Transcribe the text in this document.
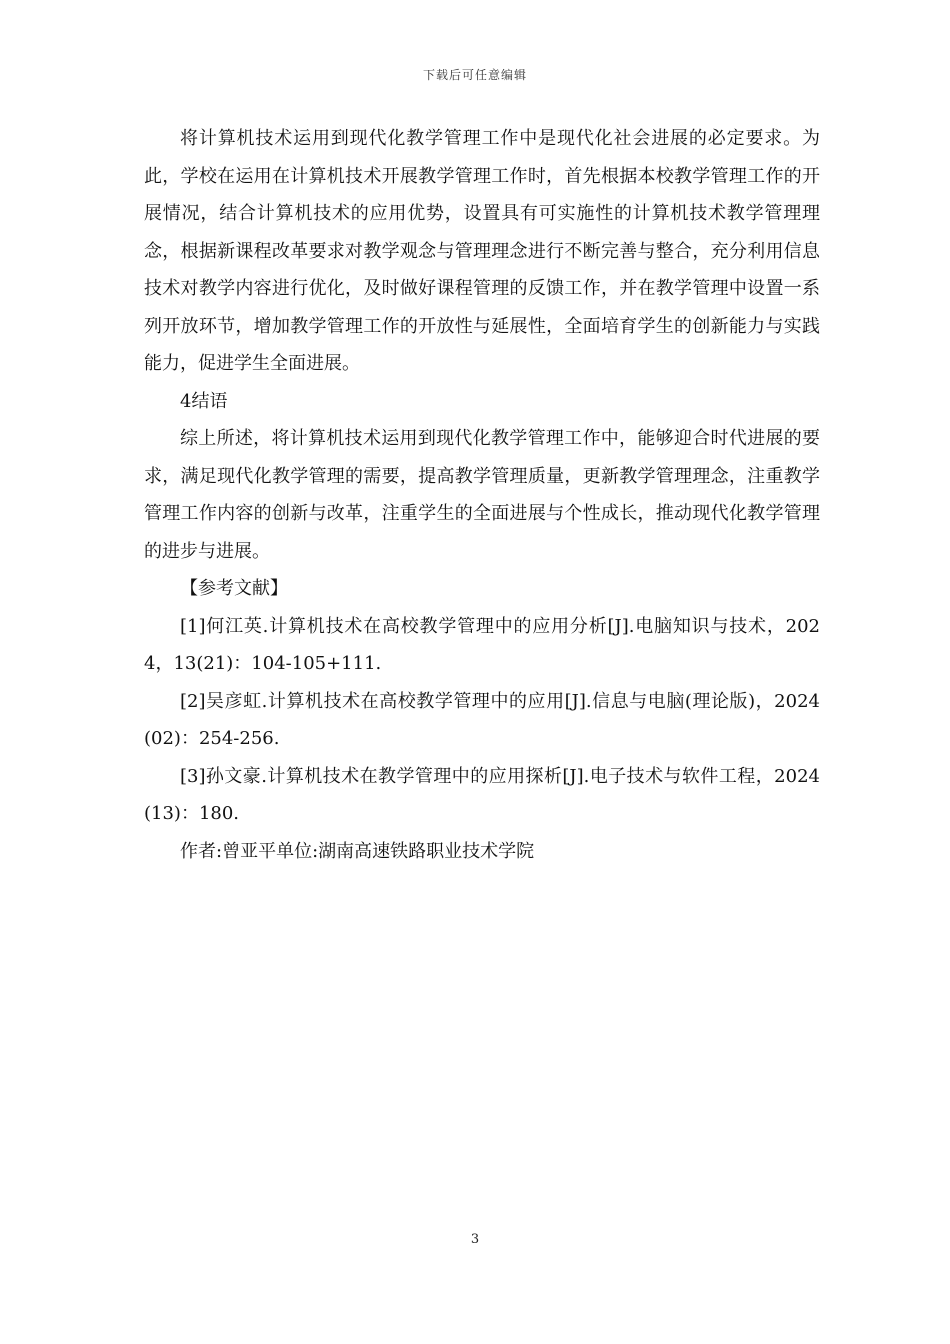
下载后可任意编辑

将计算机技术运用到现代化教学管理工作中是现代化社会进展的必定要求。为此，学校在运用在计算机技术开展教学管理工作时，首先根据本校教学管理工作的开展情况，结合计算机技术的应用优势，设置具有可实施性的计算机技术教学管理理念，根据新课程改革要求对教学观念与管理理念进行不断完善与整合，充分利用信息技术对教学内容进行优化，及时做好课程管理的反馈工作，并在教学管理中设置一系列开放环节，增加教学管理工作的开放性与延展性，全面培育学生的创新能力与实践能力，促进学生全面进展。

4结语

综上所述，将计算机技术运用到现代化教学管理工作中，能够迎合时代进展的要求，满足现代化教学管理的需要，提高教学管理质量，更新教学管理理念，注重教学管理工作内容的创新与改革，注重学生的全面进展与个性成长，推动现代化教学管理的进步与进展。

【参考文献】

[1]何江英.计算机技术在高校教学管理中的应用分析[J].电脑知识与技术，2024，13(21)：104-105+111.

[2]吴彦虹.计算机技术在高校教学管理中的应用[J].信息与电脑(理论版)，2024(02)：254-256.

[3]孙文豪.计算机技术在教学管理中的应用探析[J].电子技术与软件工程，2024(13)：180.

作者:曾亚平单位:湖南高速铁路职业技术学院

3
